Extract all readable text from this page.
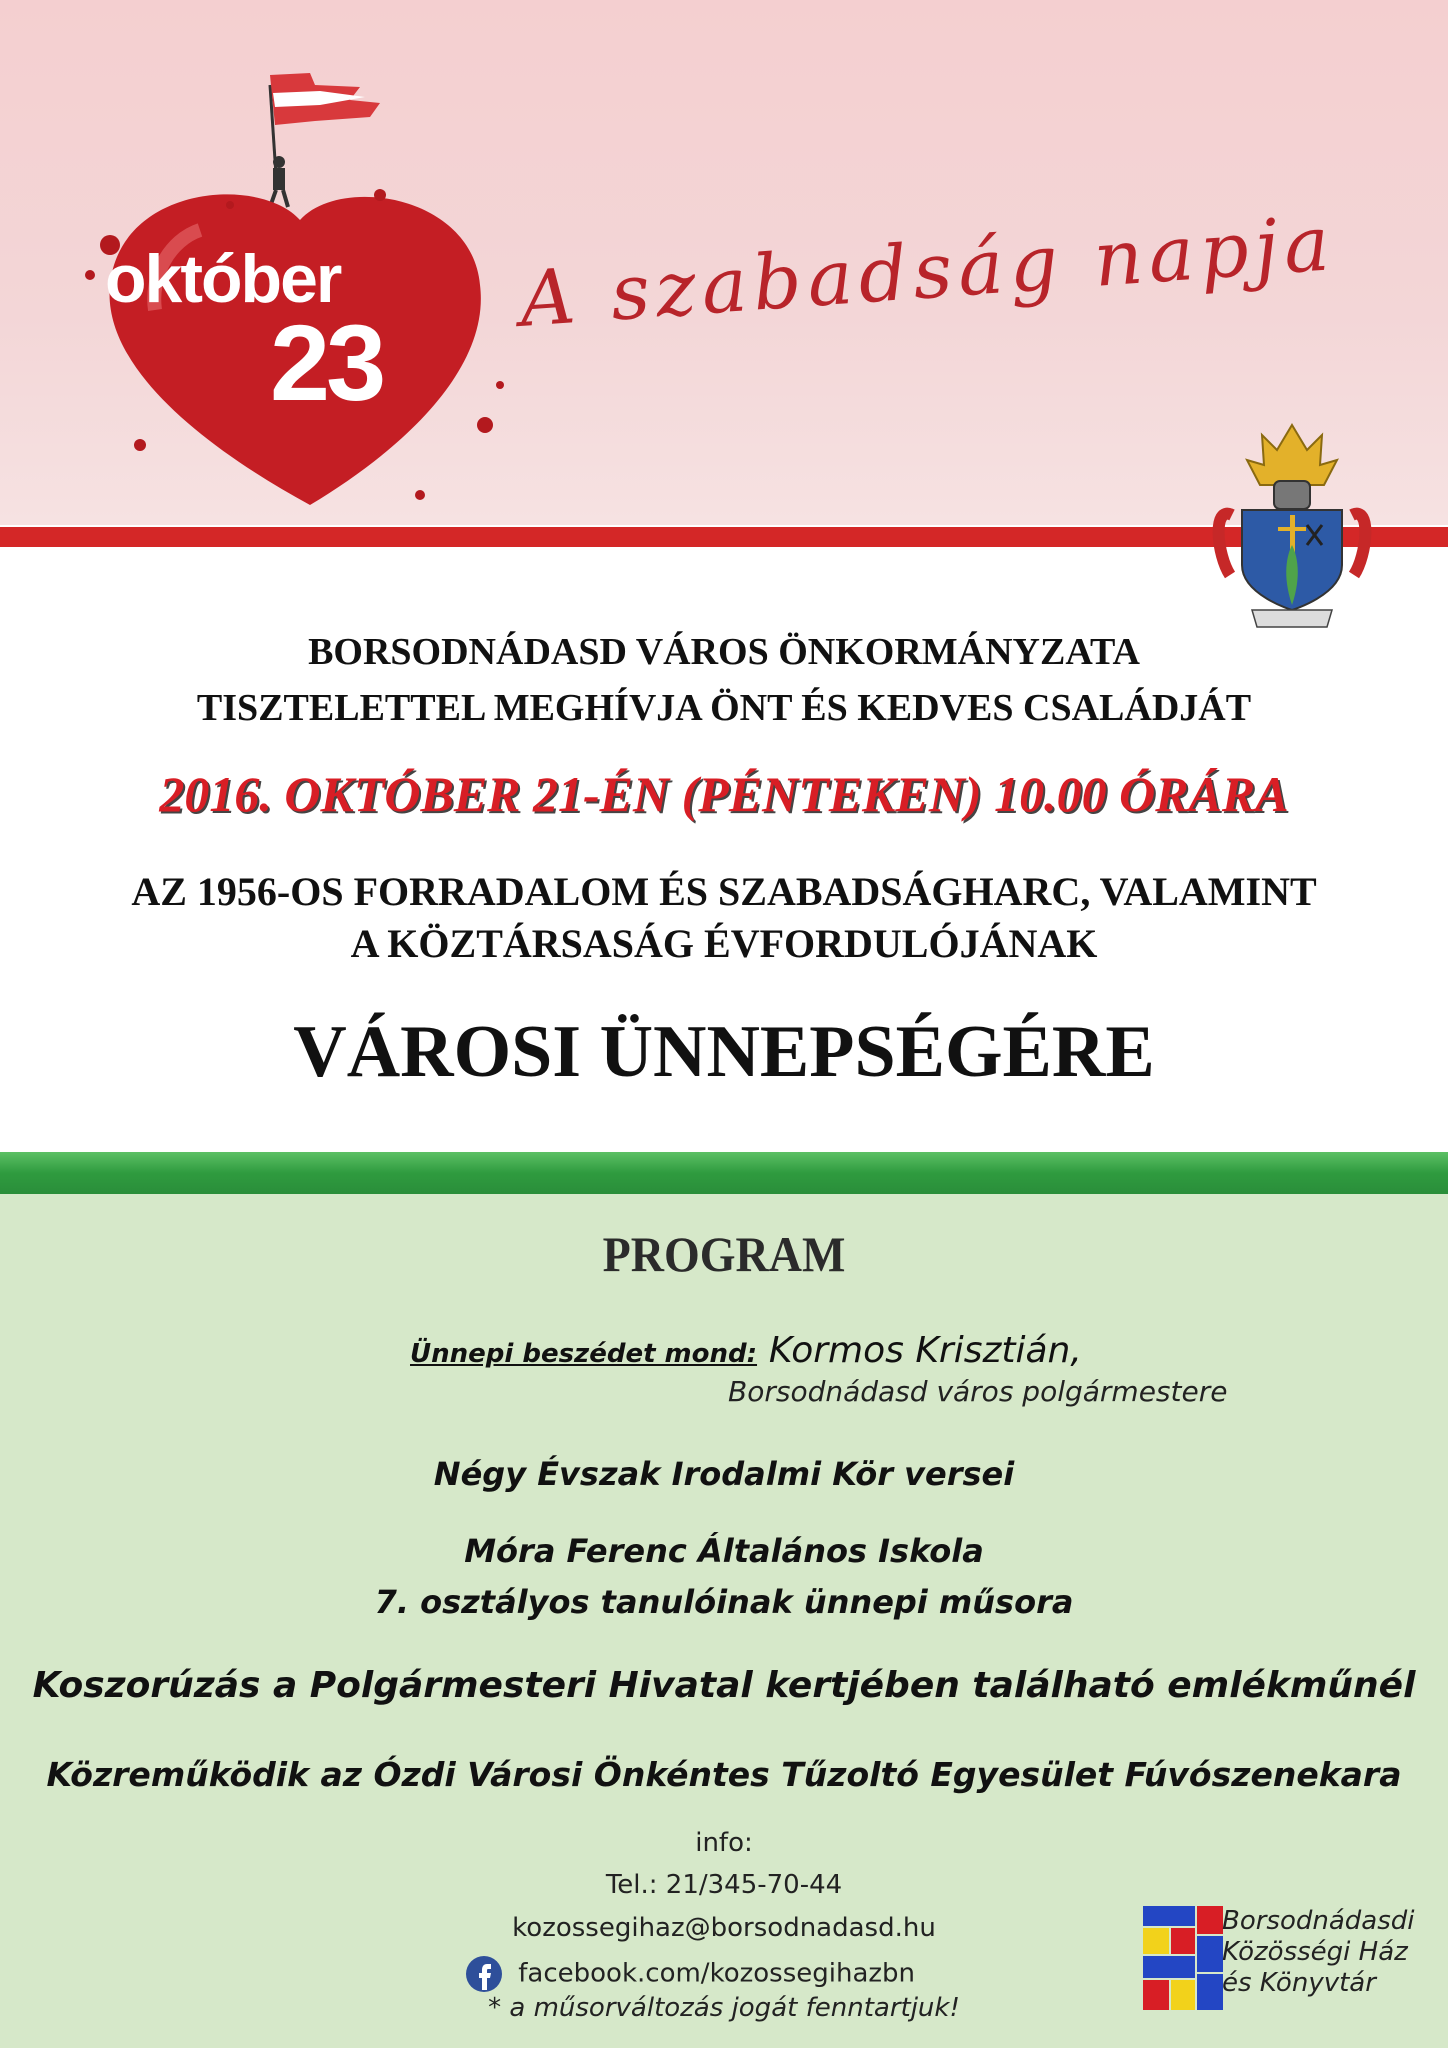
október
23
A szabadság napja
BORSODNÁDASD VÁROS ÖNKORMÁNYZATA
TISZTELETTEL MEGHÍVJA ÖNT ÉS KEDVES CSALÁDJÁT
2016. OKTÓBER 21-ÉN (PÉNTEKEN) 10.00 ÓRÁRA
AZ 1956-OS FORRADALOM ÉS SZABADSÁGHARC, VALAMINT
A KÖZTÁRSASÁG ÉVFORDULÓJÁNAK
VÁROSI ÜNNEPSÉGÉRE
PROGRAM
Ünnepi beszédet mond: Kormos Krisztián,
Borsodnádasd város polgármestere
Négy Évszak Irodalmi Kör versei
Móra Ferenc Általános Iskola
7. osztályos tanulóinak ünnepi műsora
Koszorúzás a Polgármesteri Hivatal kertjében található emlékműnél
Közreműködik az Ózdi Városi Önkéntes Tűzoltó Egyesület Fúvószenekara
info:
Tel.: 21/345-70-44
kozossegihaz@borsodnadasd.hu
facebook.com/kozossegihazbn
* a műsorváltozás jogát fenntartjuk!
Borsodnádasdi
Közösségi Ház
és Könyvtár
